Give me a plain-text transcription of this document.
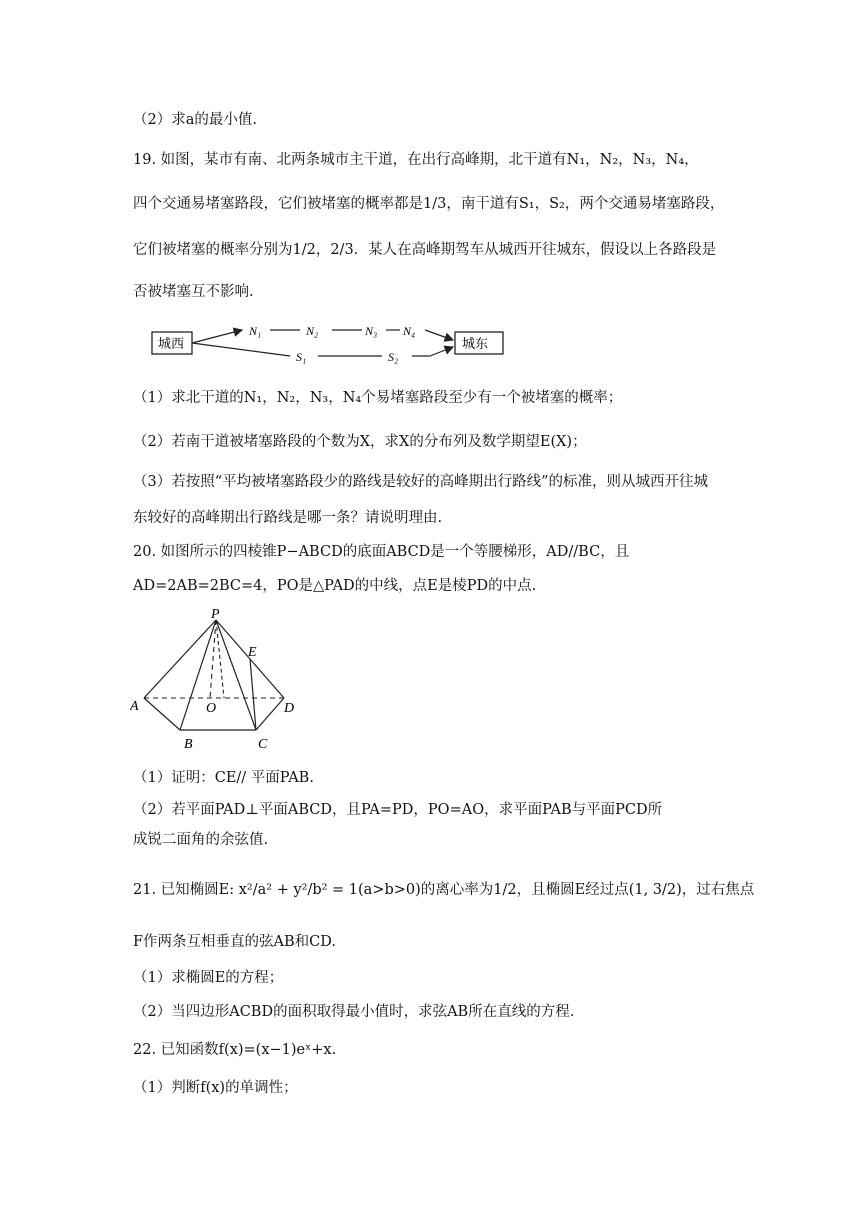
（2）求a的最小值.
19. 如图，某市有南、北两条城市主干道，在出行高峰期，北干道有N₁，N₂，N₃，N₄，
四个交通易堵塞路段，它们被堵塞的概率都是1/3，南干道有S₁，S₂，两个交通易堵塞路段，
它们被堵塞的概率分别为1/2，2/3．某人在高峰期驾车从城西开往城东，假设以上各路段是
否被堵塞互不影响.
城西	城东
N₁	N₂	N₃ N₄
S₁	S₂
（1）求北干道的N₁，N₂，N₃，N₄个易堵塞路段至少有一个被堵塞的概率；
（2）若南干道被堵塞路段的个数为X，求X的分布列及数学期望E(X)；
（3）若按照“平均被堵塞路段少的路线是较好的高峰期出行路线”的标准，则从城西开往城
东较好的高峰期出行路线是哪一条？请说明理由.
20. 如图所示的四棱锥P−ABCD的底面ABCD是一个等腰梯形，AD//BC，且
AD=2AB=2BC=4，PO是△PAD的中线，点E是棱PD的中点.
P
E
A	O	D
B	C
（1）证明：CE// 平面PAB.
（2）若平面PAD⊥平面ABCD，且PA=PD，PO=AO，求平面PAB与平面PCD所
成锐二面角的余弦值.
21. 已知椭圆E: x²/a² + y²/b² = 1(a>b>0)的离心率为1/2，且椭圆E经过点(1, 3/2)，过右焦点
F作两条互相垂直的弦AB和CD.
（1）求椭圆E的方程；
（2）当四边形ACBD的面积取得最小值时，求弦AB所在直线的方程.
22. 已知函数f(x)=(x−1)eˣ+x.
（1）判断f(x)的单调性；
